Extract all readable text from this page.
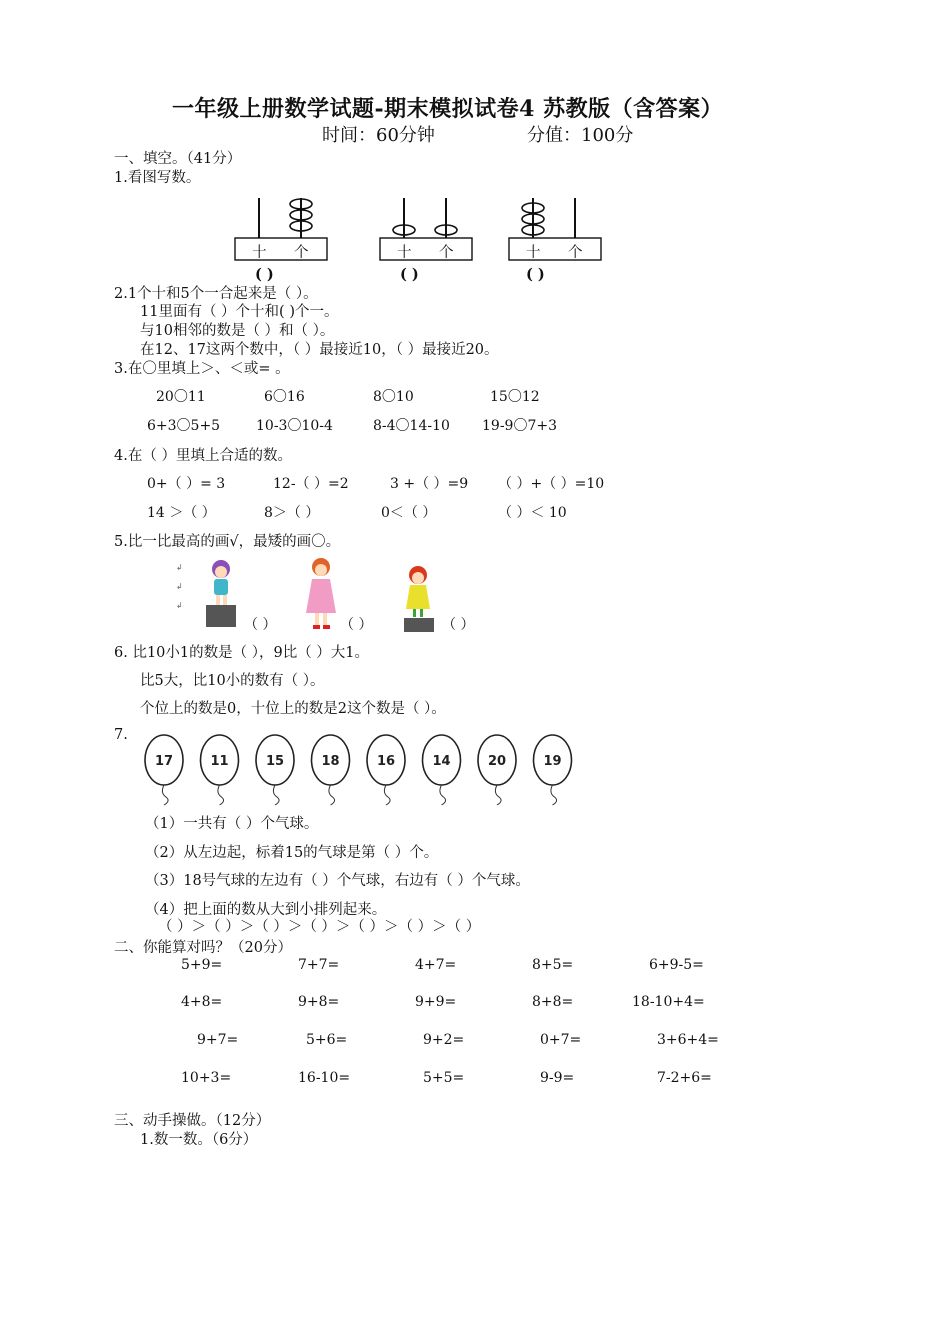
一年级上册数学试题-期末模拟试卷4 苏教版（含答案）
时间：60分钟	分值：100分
一、填空。（41分）
1.看图写数。
十 个
( )
十 个
( )
十 个
( )
2.1个十和5个一合起来是（ ）。
11里面有（ ）个十和( )个一。
与10相邻的数是（ ）和（ ）。
在12、17这两个数中，（ ）最接近10，（ ）最接近20。
3.在〇里填上＞、＜或= 。
20〇11	6〇16	8〇10	15〇12
6+3〇5+5	10-3〇10-4	8-4〇14-10 19-9〇7+3
4.在（ ）里填上合适的数。
0+（ ）= 3	12-（ ）=2	3 +（ ）=9 （ ）+（ ）=10
14 ＞（ ）	8＞（ ）	0＜（ ）	（ ）＜ 10
5.比一比最高的画√，最矮的画〇。
↲
↲
↲
（ ）	（ ）	（ ）
6. 比10小1的数是（ ），9比（ ）大1。
比5大，比10小的数有（ ）。
个位上的数是0，十位上的数是2这个数是（ ）。
7.
17	11	15	18	16	14	20	19
（1）一共有（ ）个气球。
（2）从左边起，标着15的气球是第（ ）个。
（3）18号气球的左边有（ ）个气球，右边有（ ）个气球。
（4）把上面的数从大到小排列起来。
（ ）＞（ ）＞（ ）＞（ ）＞（ ）＞（ ）＞（ ）
二、你能算对吗？（20分）
5+9=	7+7=	4+7=	8+5=	6+9-5=
4+8=	9+8=	9+9=	8+8=	18-10+4=
9+7=	5+6=	9+2=	0+7=	3+6+4=
10+3=	16-10=	5+5=	9-9=	7-2+6=
三、动手操做。（12分）
1.数一数。（6分）
